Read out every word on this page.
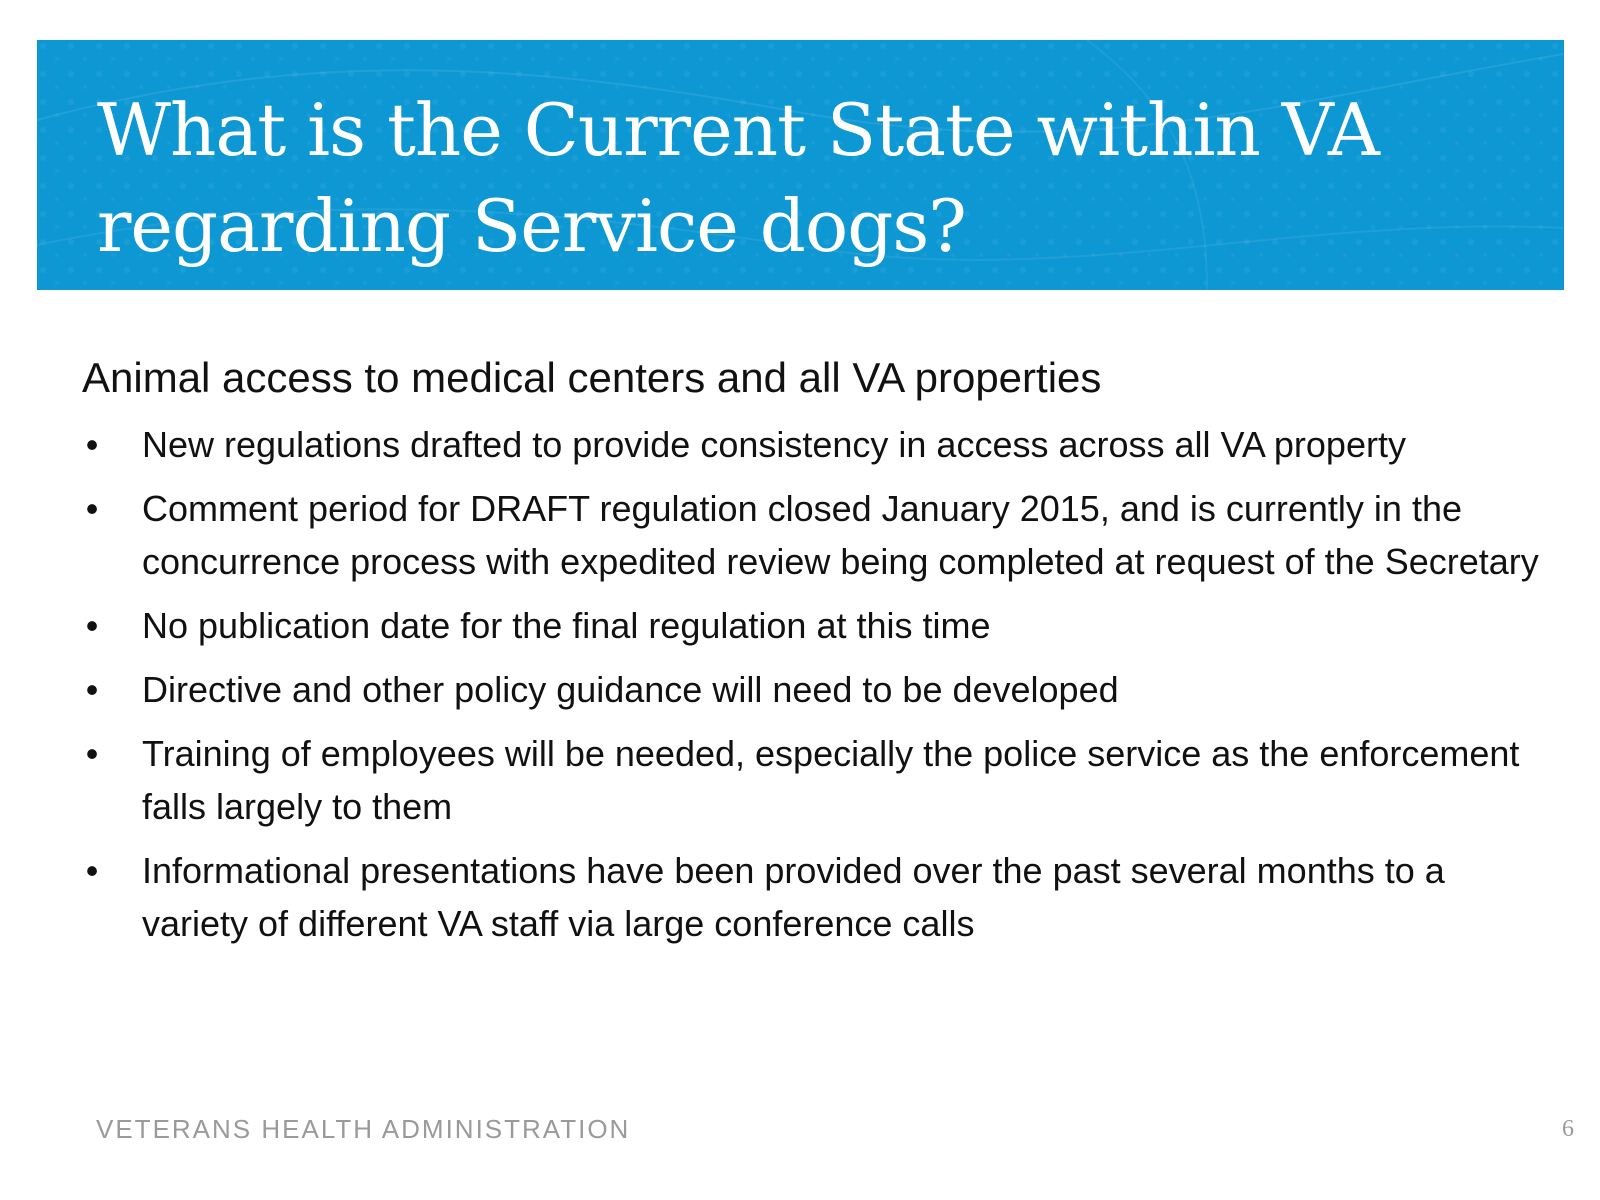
What is the Current State within VA regarding Service dogs?
Animal access to medical centers and all VA properties
• New regulations drafted to provide consistency in access across all VA property
• Comment period for DRAFT regulation closed January 2015, and is currently in the concurrence process with expedited review being completed at request of the Secretary
• No publication date for the final regulation at this time
• Directive and other policy guidance will need to be developed
• Training of employees will be needed, especially the police service as the enforcement falls largely to them
• Informational presentations have been provided over the past several months to a variety of different VA staff via large conference calls
VETERANS HEALTH ADMINISTRATION	6
